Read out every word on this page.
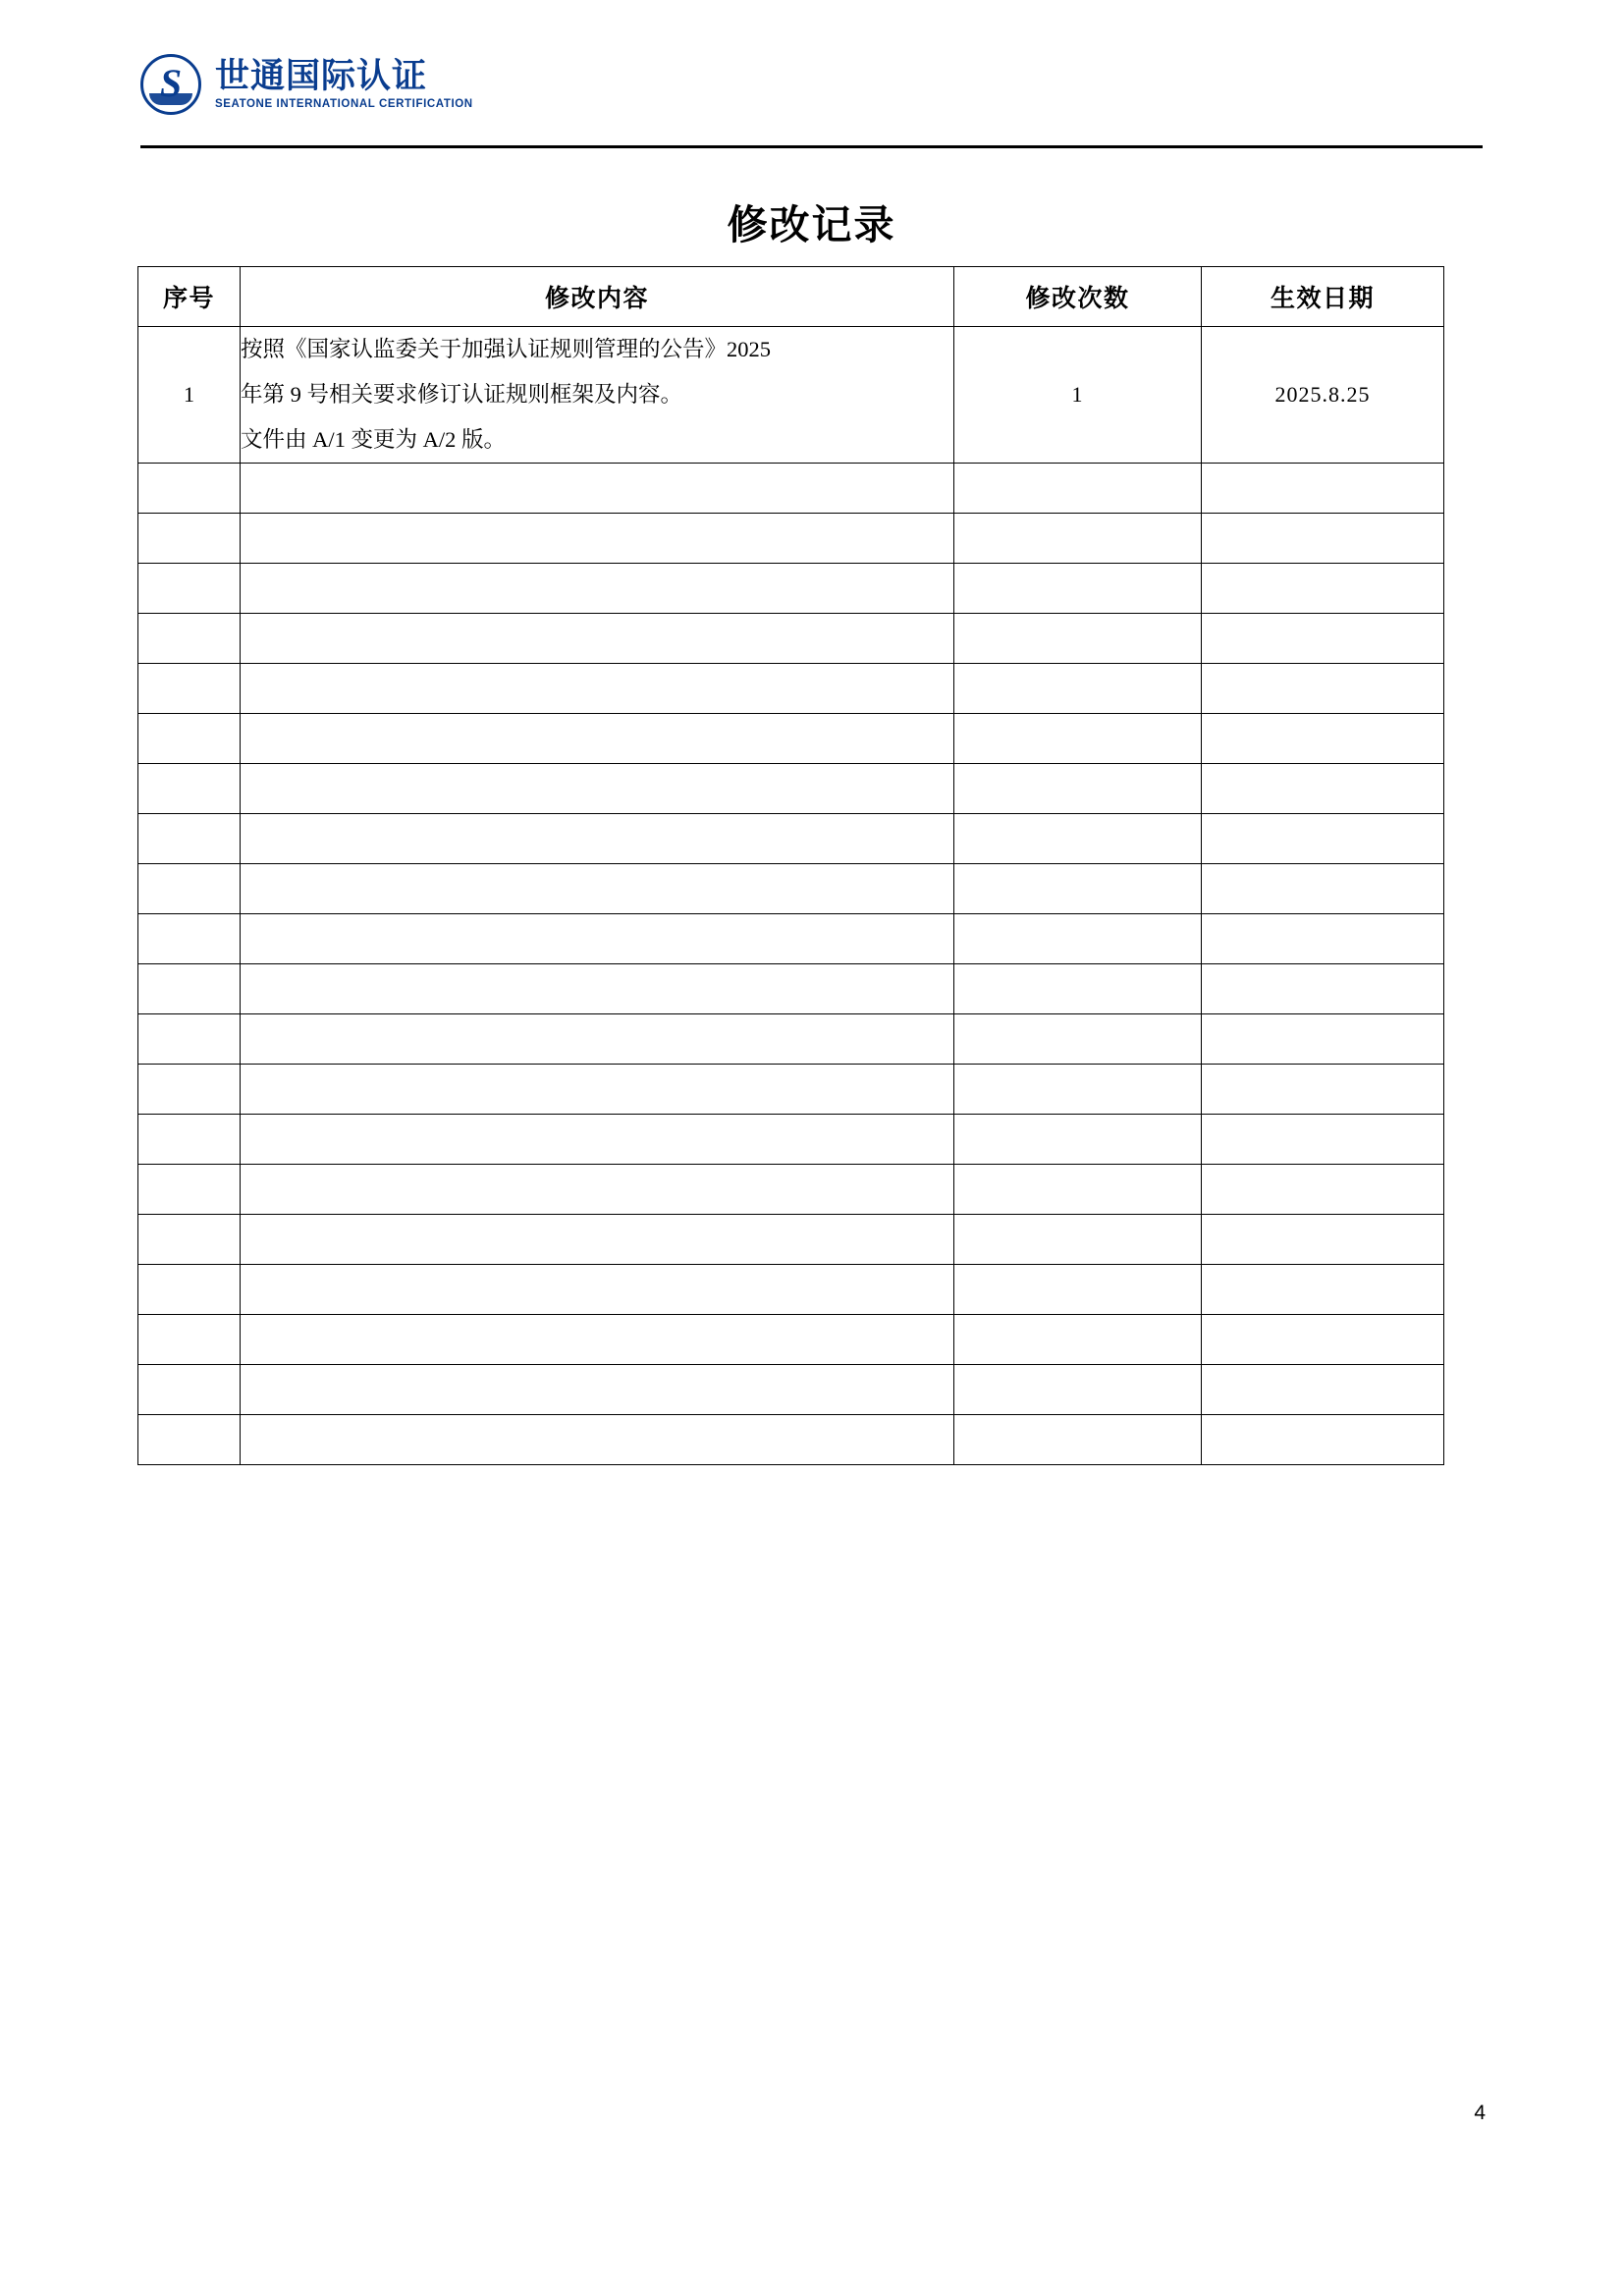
S
世通国际认证
SEATONE INTERNATIONAL CERTIFICATION
修改记录
序号	修改内容	修改次数	生效日期
1	按照《国家认监委关于加强认证规则管理的公告》2025

年第 9 号相关要求修订认证规则框架及内容。

文件由 A/1 变更为 A/2 版。	1	2025.8.25

4
